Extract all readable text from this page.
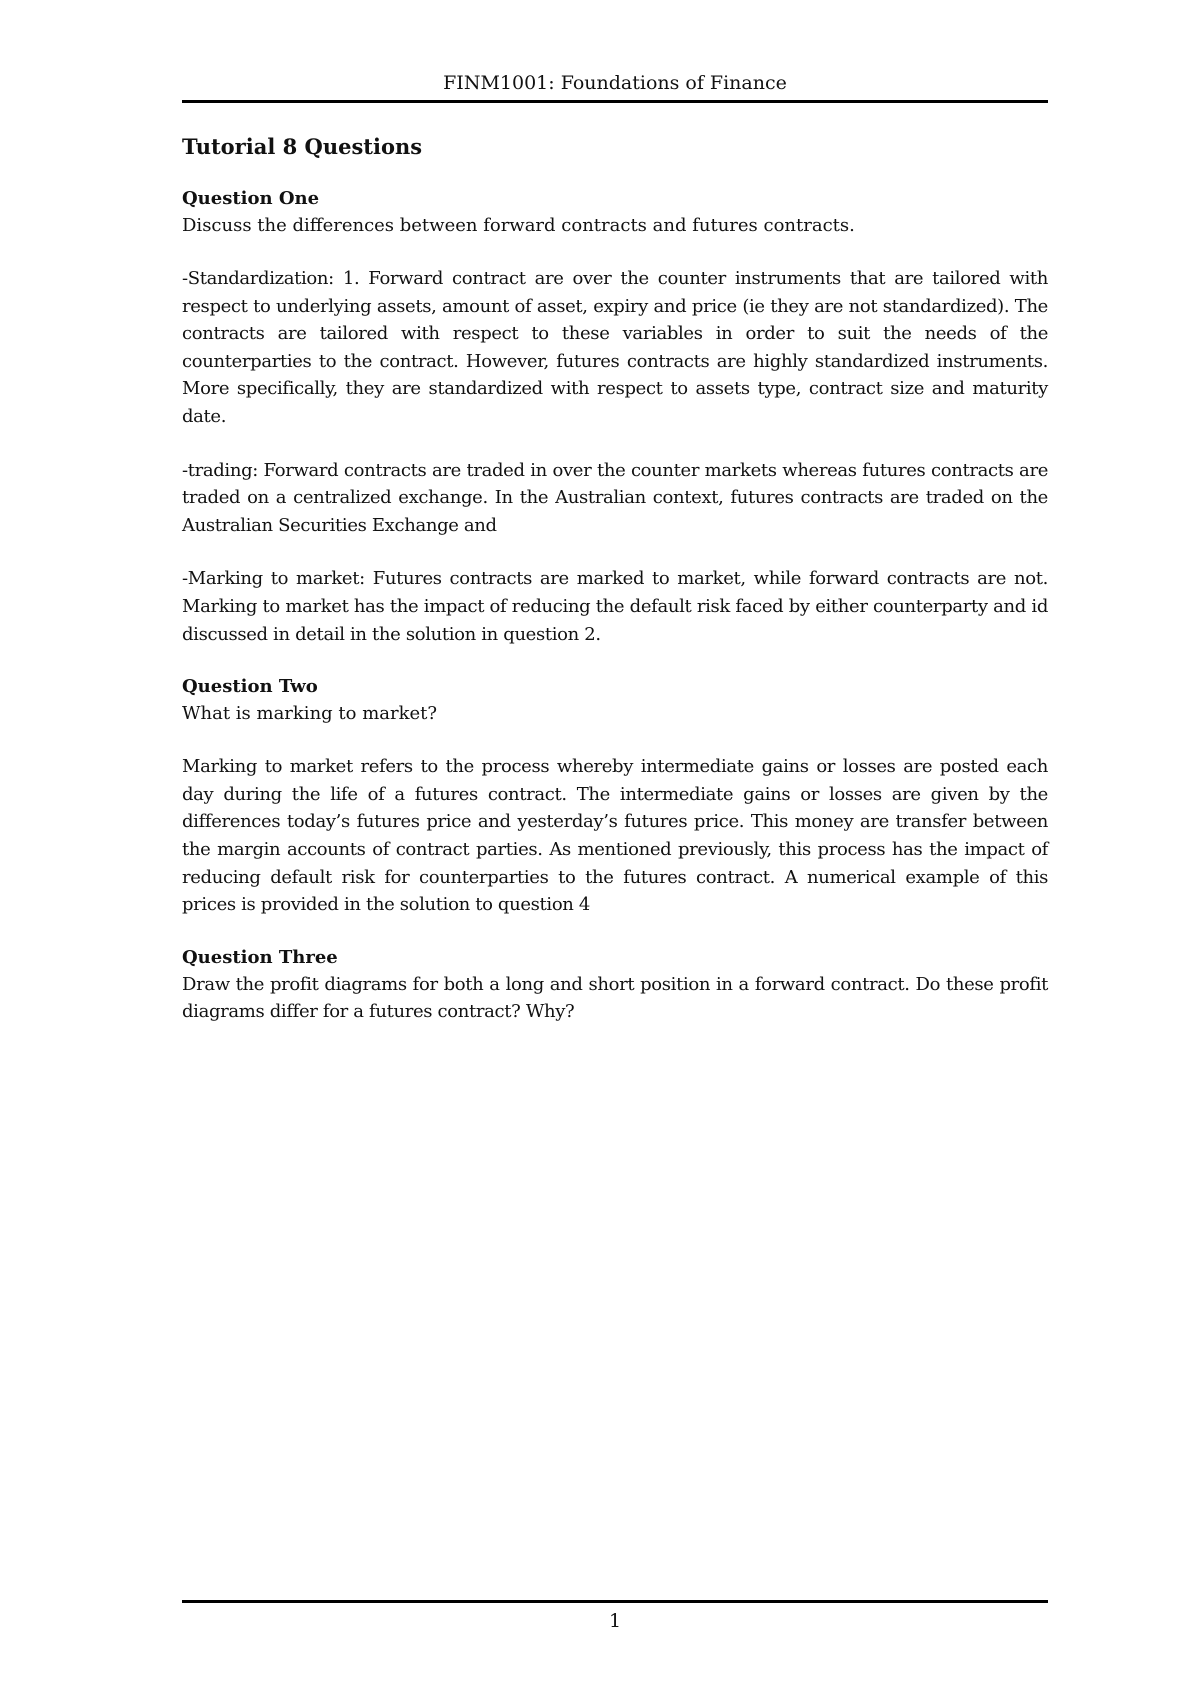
FINM1001: Foundations of Finance
Tutorial 8 Questions
Question One

Discuss the differences between forward contracts and futures contracts.

-Standardization: 1. Forward contract are over the counter instruments that are tailored with respect to underlying assets, amount of asset, expiry and price (ie they are not standardized). The contracts are tailored with respect to these variables in order to suit the needs of the counterparties to the contract. However, futures contracts are highly standardized instruments. More specifically, they are standardized with respect to assets type, contract size and maturity date.

-trading: Forward contracts are traded in over the counter markets whereas futures contracts are traded on a centralized exchange. In the Australian context, futures contracts are traded on the Australian Securities Exchange and

-Marking to market: Futures contracts are marked to market, while forward contracts are not. Marking to market has the impact of reducing the default risk faced by either counterparty and id discussed in detail in the solution in question 2.

Question Two

What is marking to market?

Marking to market refers to the process whereby intermediate gains or losses are posted each day during the life of a futures contract. The intermediate gains or losses are given by the differences today’s futures price and yesterday’s futures price. This money are transfer between the margin accounts of contract parties. As mentioned previously, this process has the impact of reducing default risk for counterparties to the futures contract. A numerical example of this prices is provided in the solution to question 4

Question Three

Draw the profit diagrams for both a long and short position in a forward contract. Do these profit diagrams differ for a futures contract? Why?

1
